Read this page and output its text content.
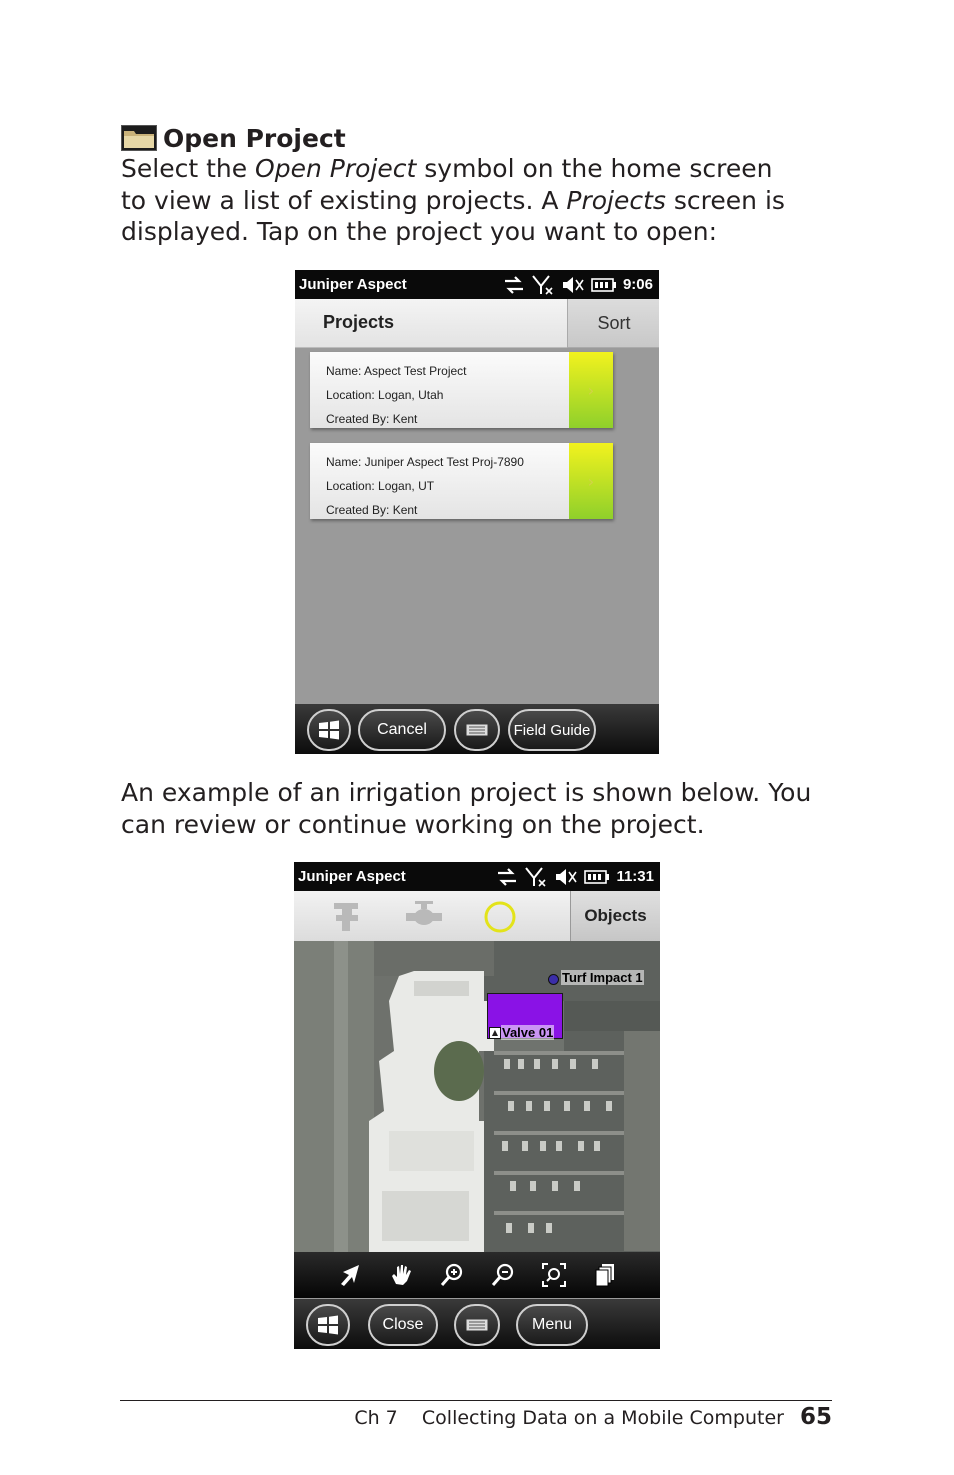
Open Project

Select the Open Project symbol on the home screen

to view a list of existing projects. A Projects screen is

displayed. Tap on the project you want to open:

Juniper Aspect	9:06
Projects	Sort
Name: Aspect Test Project
Location: Logan, Utah
Created By: Kent
›
Name: Juniper Aspect Test Proj-7890
Location: Logan, UT
Created By: Kent
›
Cancel	Field Guide

An example of an irrigation project is shown below. You

can review or continue working on the project.

Juniper Aspect	11:31
Objects
Turf Impact 1
▲ Valve 01
Close	Menu
Ch 7    Collecting Data on a Mobile Computer 65
